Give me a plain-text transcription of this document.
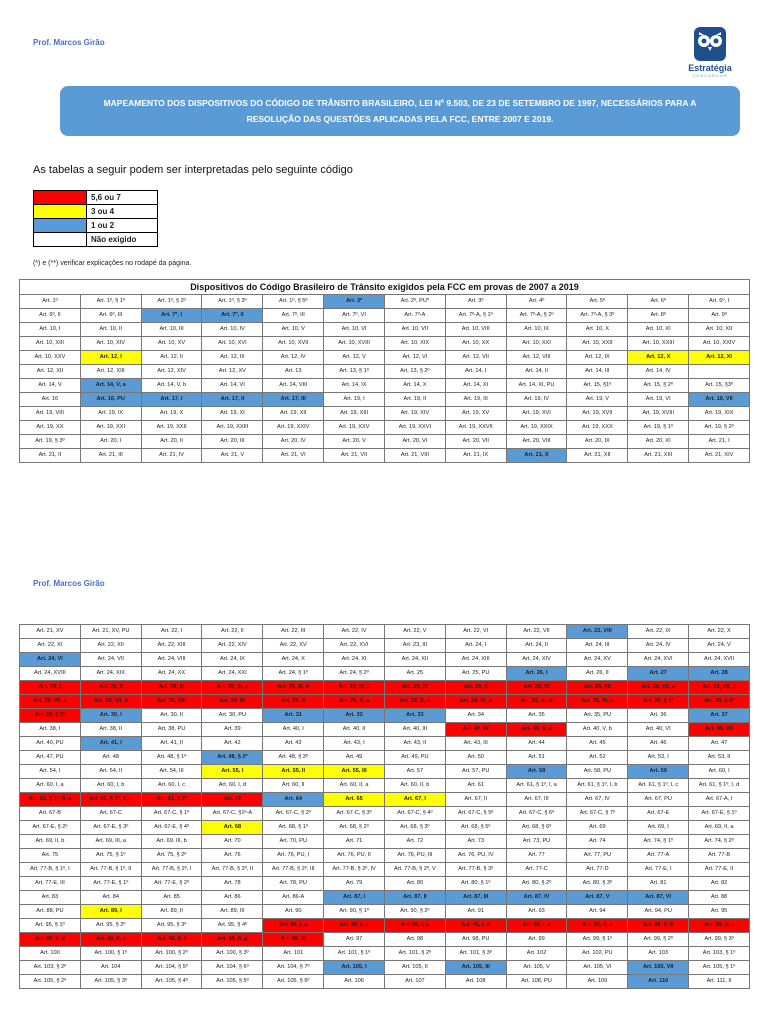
Prof. Marcos Girão
Estratégia
CONCURSOS
MAPEAMENTO DOS DISPOSITIVOS DO CÓDIGO DE TRÂNSITO BRASILEIRO, LEI Nº 9.503, DE 23 DE SETEMBRO DE 1997, NECESSÁRIOS PARA A RESOLUÇÃO DAS QUESTÕES APLICADAS PELA FCC, ENTRE 2007 E 2019.
As tabelas a seguir podem ser interpretadas pelo seguinte código
	5,6 ou 7
	3 ou 4
	1 ou 2
	Não exigido
(*) e (**) verificar explicações no rodapé da página.
Dispositivos do Código Brasileiro de Trânsito exigidos pela FCC em provas de 2007 a 2019											
Art. 1º	Art. 1º, § 1º	Art. 1º, § 2º	Art. 1º, § 3º	Art. 1º, § 5º	Art. 2º	Art. 2º, PU*	Art. 3º	Art. 4º	Art. 5º	Art. 6º	Art. 6º, I
Art. 6º, II	Art. 6º, III	Art. 7º, I	Art. 7º, II	Art. 7º, III	Art. 7º, VI	Art. 7º-A	Art. 7º-A, § 1º	Art. 7º-A, § 2º	Art. 7º-A, § 3º	Art. 8º	Art. 9º
Art. 10, I	Art. 10, II	Art. 10, III	Art. 10, IV	Art. 10, V	Art. 10, VI	Art. 10, VII	Art. 10, VIII	Art. 10, IX	Art. 10, X	Art. 10, XI	Art. 10, XII
Art. 10, XIII	Art. 10, XIV	Art. 10, XV	Art. 10, XVI	Art. 10, XVII	Art. 10, XVIII	Art. 10, XIX	Art. 10, XX	Art. 10, XXI	Art. 10, XXII	Art. 10, XXIII	Art. 10, XXIV
Art. 10, XXV	Art. 12, I	Art. 12, II	Art. 12, III	Art. 12, IV	Art. 12, V	Art. 12, VI	Art. 12, VII	Art. 12, VIII	Art. 12, IX	Art. 12, X	Art. 12, XI
Art. 12, XII	Art. 12, XIII	Art. 12, XIV	Art. 12, XV	Art. 13	Art. 13, § 1º	Art. 13, § 2º	Art. 14, I	Art. 14, II	Art. 14, III	Art. 14, IV	
Art. 14, V	Art. 14, V, a	Art. 14, V, b	Art. 14, VI	Art. 14, VIII	Art. 14, IX	Art. 14, X	Art. 14, XI	Art. 14, XI, PU	Art. 15, §1º	Art. 15, § 2º	Art. 15, §3º
Art. 16	Art. 16, PU	Art. 17, I	Art. 17, II	Art. 17, III	Art. 19, I	Art. 19, II	Art. 19, III	Art. 19, IV	Art. 19, V	Art. 19, VI	Art. 19, VII
Art. 19, VIII	Art. 19, IX	Art. 19, X	Art. 19, XI	Art. 19, XII	Art. 19, XIII	Art. 19, XIV	Art. 19, XV	Art. 19, XVI	Art. 19, XVII	Art. 19, XVIII	Art. 19, XIX
Art. 19, XX	Art. 19, XXI	Art. 19, XXII	Art. 19, XXIII	Art. 19, XXIV	Art. 19, XXV	Art. 19, XXVI	Art. 19, XXVII	Art. 19, XXIX	Art. 19, XXX	Art. 19, § 1º	Art. 19, § 2º
Art. 19, § 3º	Art. 20, I	Art. 20, II	Art. 20, III	Art. 20, IV	Art. 20, V	Art. 20, VI	Art. 20, VII	Art. 20, VIII	Art. 20, IX	Art. 20, XI	Art. 21, I
Art. 21, II	Art. 21, III	Art. 21, IV	Art. 21, V	Art. 21, VI	Art. 21, VII	Art. 21, VIII	Art. 21, IX	Art. 21, X	Art. 21, XII	Art. 21, XIII	Art. 21, XIV
Prof. Marcos Girão
Art. 21, XV	Art. 21, XV, PU	Art. 22, I	Art. 22, II	Art. 22, III	Art. 22, IV	Art. 22, V	Art. 22, VI	Art. 22, VII	Art. 22, VIII	Art. 22, IX	Art. 22, X
Art. 22, XI	Art. 22, XII	Art. 22, XIII	Art. 22, XIV	Art. 22, XV	Art. 22, XVI	Art. 23, III	Art. 24, I	Art. 24, II	Art. 24, III	Art. 24, IV	Art. 24, V
Art. 24, VI	Art. 24, VII	Art. 24, VIII	Art. 24, IX	Art. 24, X	Art. 24, XI	Art. 24, XII	Art. 24, XIII	Art. 24, XIV	Art. 24, XV	Art. 24, XVI	Art. 24, XVII
Art. 24, XVIII	Art. 24, XIX	Art. 24, XX	Art. 24, XXI	Art. 24, § 1º	Art. 24, § 2º	Art. 25	Art. 25, PU	Art. 26, I	Art. 26, II	Art. 27	Art. 28
Art. 29, I	Art. 29, II	Art. 29, III	Art. 29, III, a	Art. 29, III, b	Art. 29, III, c	Art. 29, IV	Art. 29, V	Art. 29, VI	Art. 29, VII	Art. 29, VII, a	Art. 29, VII, b
Art. 29, VII, c	Art. 29, VII, d	Art. 29, VIII	Art. 29, IX	Art. 29, X	Art. 29, X, a	Art. 29, X, b	Art. 29, XI, a	Art. 29, XI, b	Art. 29, XI, c	Art. 29, § 1º	Art. 29, § 2º
Art. 29, § 3º	Art. 30, I	Art. 30, II	Art. 30, PU	Art. 31	Art. 32	Art. 33	Art. 34	Art. 35	Art. 35, PU	Art. 36	Art. 37
Art. 38, I	Art. 38, II	Art. 38, PU	Art. 39	Art. 40, I	Art. 40, II	Art. 40, III	Art. 40, IV	Art. 40, V, a	Art. 40, V, b	Art. 40, VI	Art. 40, VII
Art. 40, PU	Art. 41, I	Art. 41, II	Art. 42	Art. 43	Art. 43, I	Art. 43, II	Art. 43, III	Art. 44	Art. 45	Art. 46	Art. 47
Art. 47, PU	Art. 48	Art. 48, § 1º	Art. 48, § 2º	Art. 48, § 3º	Art. 49	Art. 49, PU	Art. 50	Art. 51	Art. 52	Art. 53, I	Art. 53, II
Art. 54, I	Art. 54, II	Art. 54, III	Art. 55, I	Art. 55, II	Art. 55, III	Art. 57	Art. 57, PU	Art. 58	Art. 58, PU	Art. 59	Art. 60, I
Art. 60, I, a	Art. 60, I, b	Art. 60, I, c	Art. 60, I, d	Art. 60, II	Art. 60, II, a	Art. 60, II, b	Art. 61	Art. 61, § 1º, I, a	Art. 61, § 1º, I, b	Art. 61, § 1º, I, c	Art. 61, § 1º, I, d
Art. 61, § 1º, II, a	Art. 61, § 1º, II, b	Art. 61, § 2º	Art. 62	Art. 64	Art. 65	Art. 67, I	Art. 67, II	Art. 67, III	Art. 67, IV	Art. 67, PU	Art. 67-A, I
Art. 67-B	Art. 67-C	Art. 67-C, § 1º	Art. 67-C, §1º-A	Art. 67-C, § 2º	Art. 67-C, § 3º	Art. 67-C, § 4º	Art. 67-C, § 5º	Art. 67-C, § 6º	Art. 67-C, § 7º	Art. 67-E	Art. 67-E, § 1º
Art. 67-E, § 2º	Art. 67-E, § 3º	Art. 67-E, § 4º	Art. 68	Art. 68, § 1º	Art. 68, § 2º	Art. 68, § 3º	Art. 68, § 5º	Art. 68, § 6º	Art. 69	Art. 69, I	Art. 69, II, a
Art. 69, II, b	Art. 69, III, a	Art. 69, III, b	Art. 70	Art. 70, PU	Art. 71	Art. 72	Art. 73	Art. 73, PU	Art. 74	Art. 74, § 1º	Art. 74, § 2º
Art. 75	Art. 75, § 1º	Art. 75, § 2º	Art. 76	Art. 76, PU, I	Art. 76, PU, II	Art. 76, PU, III	Art. 76, PU, IV	Art. 77	Art. 77, PU	Art. 77-A	Art. 77-B
Art. 77-B, § 1º, I	Art. 77-B, § 1º, II	Art. 77-B, § 2º, I	Art. 77-B, § 2º, II	Art. 77-B, § 2º, III	Art. 77-B, § 2º, IV	Art. 77-B, § 2º, V	Art. 77-B, § 3º	Art. 77-C	Art. 77-D	Art. 77-E, I	Art. 77-E, II
Art. 77-E, III	Art. 77-E, § 1º	Art. 77-E, § 2º	Art. 78	Art. 78, PU	Art. 79	Art. 80	Art. 80, § 1º	Art. 80, § 2º	Art. 80, § 3º	Art. 81	Art. 82
Art. 83	Art. 84	Art. 85	Art. 86	Art. 86-A	Art. 87, I	Art. 87, II	Art. 87, III	Art. 87, IV	Art. 87, V	Art. 87, VI	Art. 88
Art. 88, PU	Art. 89, I	Art. 89, II	Art. 89, III	Art. 90	Art. 90, § 1º	Art. 90, § 2º	Art. 91	Art. 93	Art. 94	Art. 94, PU	Art. 95
Art. 95, § 1º	Art. 95, § 2º	Art. 95, § 3º	Art. 95, § 4º	Art. 96, I, a	Art. 96, I, b	Art. 96, I, c	Art. 96, I, d	Art. 96, I, e	Art. 96, II, a	Art. 96, II, b	Art. 96, II, c
Art. 96, II, d	Art. 96, II, e	Art. 96, II, f	Art. 96, II, g	Art. 96, III	Art. 97	Art. 98	Art. 98, PU	Art. 99	Art. 99, § 1º	Art. 99, § 2º	Art. 99, § 3º
Art. 100	Art. 100, § 1º	Art. 100, § 2º	Art. 100, § 3º	Art. 101	Art. 101, § 1º	Art. 101, § 2º	Art. 101, § 3º	Art. 102	Art. 102, PU	Art. 103	Art. 103, § 1º
Art. 103, § 2º	Art. 104	Art. 104, § 5º	Art. 104, § 6º	Art. 104, § 7º	Art. 105, I	Art. 105, II	Art. 105, III	Art. 105, V	Art. 105, VI	Art. 105, VII	Art. 105, § 1º
Art. 105, § 2º	Art. 105, § 3º	Art. 105, § 4º	Art. 105, § 5º	Art. 105, § 6º	Art. 106	Art. 107	Art. 108	Art. 108, PU	Art. 109	Art. 110	Art. 111, II
